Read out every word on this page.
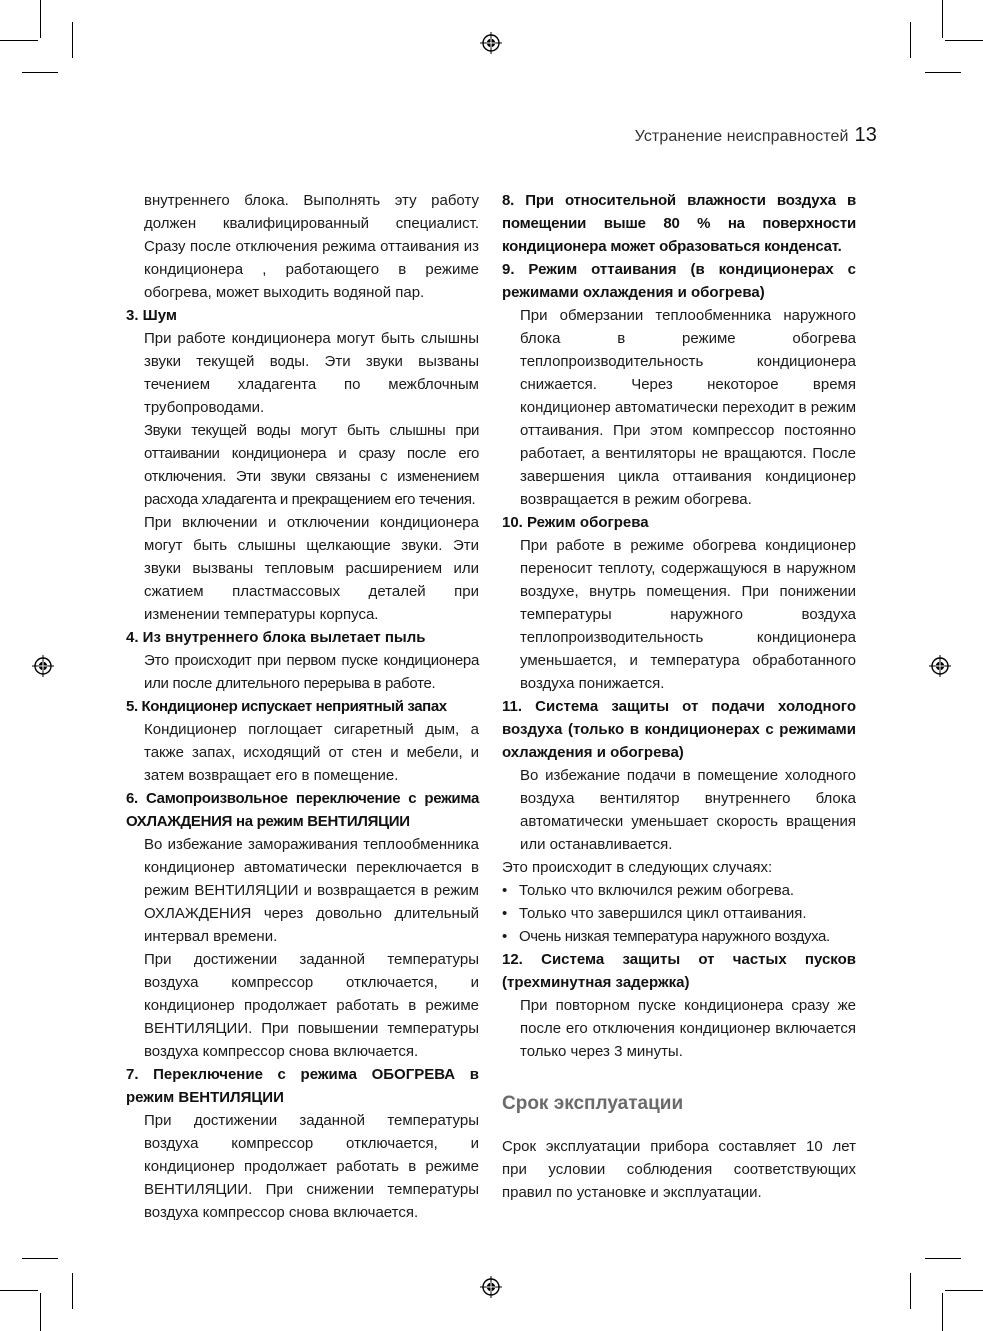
Устранение неисправностей 13

внутреннего блока. Выполнять эту работу должен квалифицированный специалист. Сразу после отключения режима оттаивания из кондиционера , работающего в режиме обогрева, может выходить водяной пар.

3. Шум

При работе кондиционера могут быть слышны звуки текущей воды. Эти звуки вызваны течением хладагента по межблочным трубопроводами.

Звуки текущей воды могут быть слышны при оттаивании кондиционера и сразу после его отключения. Эти звуки связаны с изменением расхода хладагента и прекращением его течения.

При включении и отключении кондиционера могут быть слышны щелкающие звуки. Эти звуки вызваны тепловым расширением или сжатием пластмассовых деталей при изменении температуры корпуса.

4. Из внутреннего блока вылетает пыль

Это происходит при первом пуске кондиционера или после длительного перерыва в работе.

5. Кондиционер испускает неприятный запах

Кондиционер поглощает сигаретный дым, а также запах, исходящий от стен и мебели, и затем возвращает его в помещение.

6. Самопроизвольное переключение с режима ОХЛАЖДЕНИЯ на режим ВЕНТИЛЯЦИИ

Во избежание замораживания теплообменника кондиционер автоматически переключается в режим ВЕНТИЛЯЦИИ и возвращается в режим ОХЛАЖДЕНИЯ через довольно длительный интервал времени.

При достижении заданной температуры воздуха компрессор отключается, и кондиционер продолжает работать в режиме ВЕНТИЛЯЦИИ. При повышении температуры воздуха компрессор снова включается.

7. Переключение с режима ОБОГРЕВА в режим ВЕНТИЛЯЦИИ

При достижении заданной температуры воздуха компрессор отключается, и кондиционер продолжает работать в режиме ВЕНТИЛЯЦИИ. При снижении температуры воздуха компрессор снова включается.

8. При относительной влажности воздуха в помещении выше 80 % на поверхности кондиционера может образоваться конденсат.

9. Режим оттаивания (в кондиционерах с режимами охлаждения и обогрева)

При обмерзании теплообменника наружного блока в режиме обогрева теплопроизводительность кондиционера снижается. Через некоторое время кондиционер автоматически переходит в режим оттаивания. При этом компрессор постоянно работает, а вентиляторы не вращаются. После завершения цикла оттаивания кондиционер возвращается в режим обогрева.

10. Режим обогрева

При работе в режиме обогрева кондиционер переносит теплоту, содержащуюся в наружном воздухе, внутрь помещения. При понижении температуры наружного воздуха теплопроизводительность кондиционера уменьшается, и температура обработанного воздуха понижается.

11. Система защиты от подачи холодного воздуха (только в кондиционерах с режимами охлаждения и обогрева)

Во избежание подачи в помещение холодного воздуха вентилятор внутреннего блока автоматически уменьшает скорость вращения или останавливается.

Это происходит в следующих случаях:

• Только что включился режим обогрева.
• Только что завершился цикл оттаивания.
• Очень низкая температура наружного воздуха.

12. Система защиты от частых пусков (трехминутная задержка)

При повторном пуске кондиционера сразу же после его отключения кондиционер включается только через 3 минуты.

Срок эксплуатации

Срок эксплуатации прибора составляет 10 лет при условии соблюдения соответствующих правил по установке и эксплуатации.
